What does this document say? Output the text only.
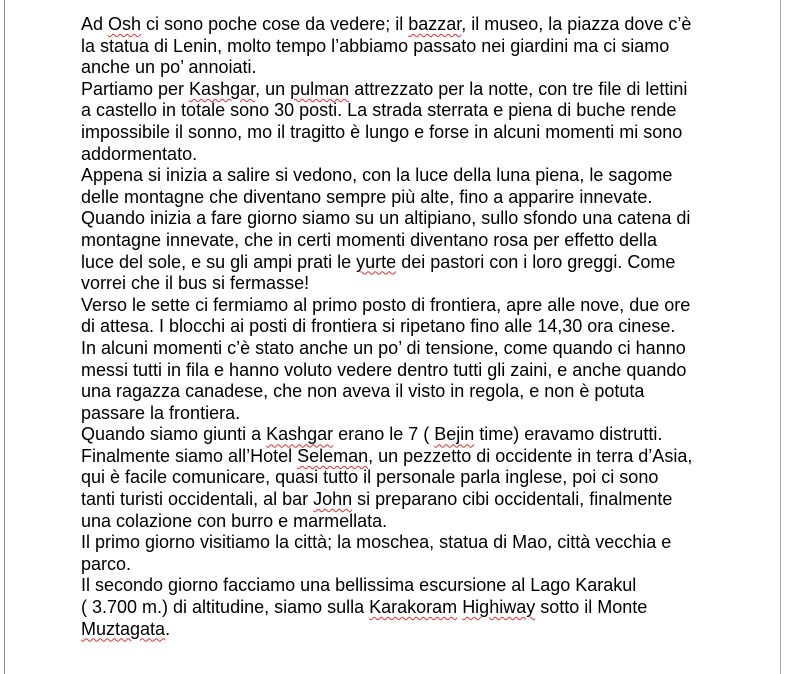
Ad Osh ci sono poche cose da vedere; il bazzar, il museo, la piazza dove c’è
la statua di Lenin, molto tempo l’abbiamo passato nei giardini ma ci siamo
anche un po’ annoiati.
Partiamo per Kashgar, un pulman attrezzato per la notte, con tre file di lettini
a castello in totale sono 30 posti. La strada sterrata e piena di buche rende
impossibile il sonno, mo il tragitto è lungo e forse in alcuni momenti mi sono
addormentato.
Appena si inizia a salire si vedono, con la luce della luna piena, le sagome
delle montagne che diventano sempre più alte, fino a apparire innevate.
Quando inizia a fare giorno siamo su un altipiano, sullo sfondo una catena di
montagne innevate, che in certi momenti diventano rosa per effetto della
luce del sole, e su gli ampi prati le yurte dei pastori con i loro greggi. Come
vorrei che il bus si fermasse!
Verso le sette ci fermiamo al primo posto di frontiera, apre alle nove, due ore
di attesa. I blocchi ai posti di frontiera si ripetano fino alle 14,30 ora cinese.
In alcuni momenti c’è stato anche un po’ di tensione, come quando ci hanno
messi tutti in fila e hanno voluto vedere dentro tutti gli zaini, e anche quando
una ragazza canadese, che non aveva il visto in regola, e non è potuta
passare la frontiera.
Quando siamo giunti a Kashgar erano le 7 ( Bejin time) eravamo distrutti.
Finalmente siamo all’Hotel Seleman, un pezzetto di occidente in terra d’Asia,
qui è facile comunicare, quasi tutto il personale parla inglese, poi ci sono
tanti turisti occidentali, al bar John si preparano cibi occidentali, finalmente
una colazione con burro e marmellata.
Il primo giorno visitiamo la città; la moschea, statua di Mao, città vecchia e
parco.
Il secondo giorno facciamo una bellissima escursione al Lago Karakul
( 3.700 m.) di altitudine, siamo sulla Karakoram Highiway sotto il Monte
Muztagata.
